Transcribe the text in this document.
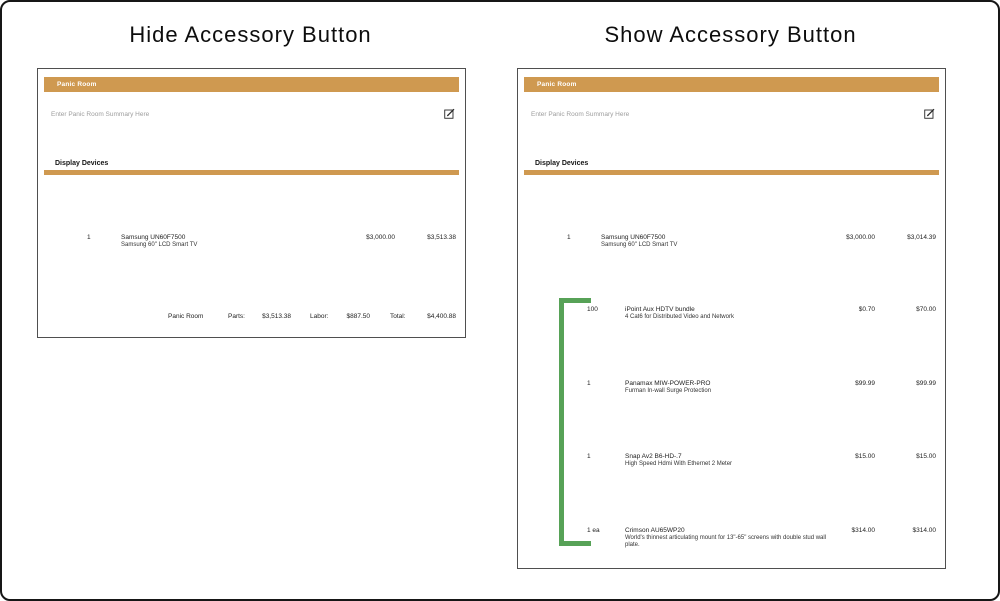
Hide Accessory Button	Show Accessory Button
Panic Room
Enter Panic Room Summary Here
Display Devices
1	Samsung UN60F7500
Samsung 60" LCD Smart TV
$3,000.00	$3,513.38
Panic Room	Parts:	$3,513.38	Labor:	$887.50	Total:	$4,400.88
Panic Room
Enter Panic Room Summary Here
Display Devices
1	Samsung UN60F7500
Samsung 60" LCD Smart TV
$3,000.00	$3,014.39
100	iPoint Aux HDTV bundle
4 Cat6 for Distributed Video and Network
$0.70	$70.00
1	Panamax MIW-POWER-PRO
Furman In-wall Surge Protection
$99.99	$99.99
1	Snap Av2 B6-HD-.7
High Speed Hdmi With Ethernet 2 Meter
$15.00	$15.00
1 ea	Crimson AU65WP20
World's thinnest articulating mount for 13"-65" screens with double stud wall plate.
$314.00	$314.00
